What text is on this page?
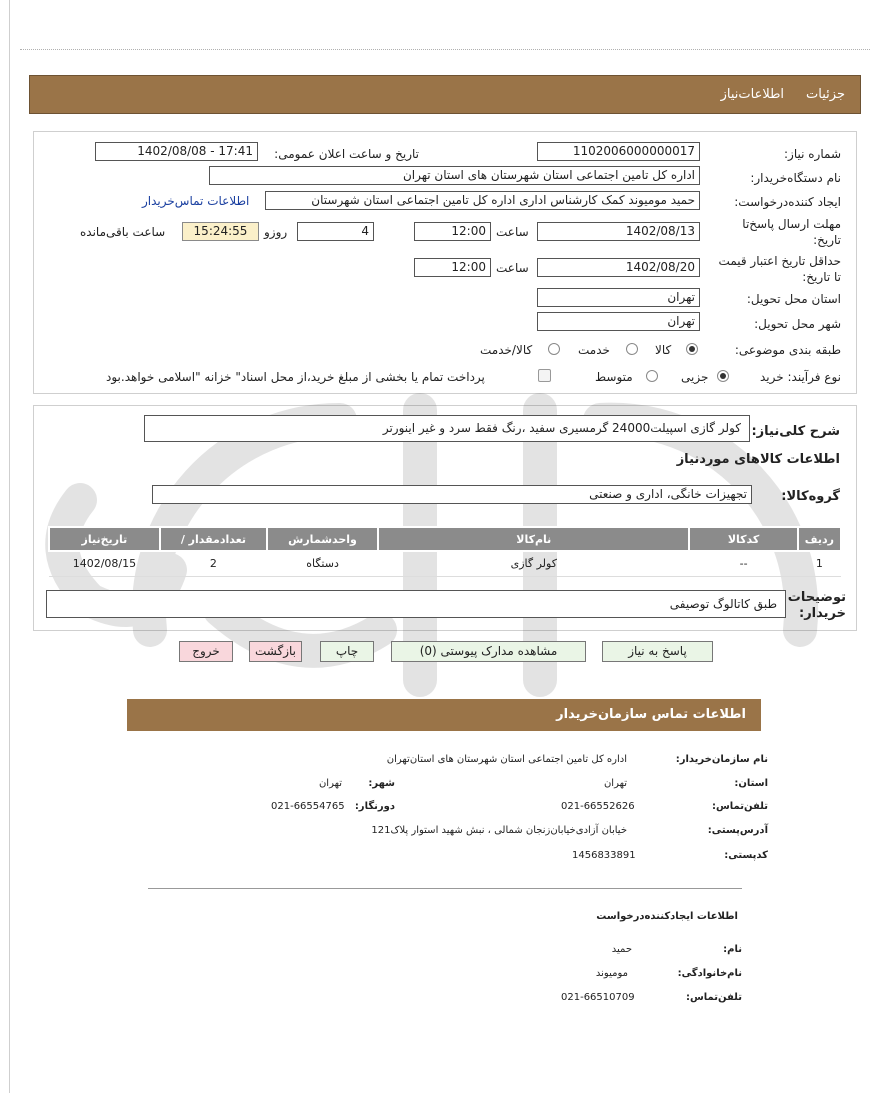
جزئیات
اطلاعات‌نیاز
شماره نیاز:
1102006000000017
تاریخ و ساعت اعلان عمومی:
1402/08/08 - 17:41
نام دستگاه‌خریدار:
اداره کل تامین اجتماعی استان شهرستان های استان تهران
ایجاد کننده‌درخواست:
حمید مومیوند کمک کارشناس اداری اداره کل تامین اجتماعی استان شهرستان
اطلاعات تماس‌خریدار
مهلت ارسال پاسخ‌تا
تاریخ:
1402/08/13
ساعت
12:00
4
روزو
15:24:55
ساعت باقی‌مانده
حداقل تاریخ اعتبار قیمت
تا تاریخ:
1402/08/20
ساعت
12:00
استان محل تحویل:
تهران
شهر محل تحویل:
تهران
طبقه بندی موضوعی:
کالا
خدمت
کالا/خدمت
نوع فرآیند: خرید
جزیی
متوسط
پرداخت تمام یا بخشی از مبلغ خرید،از محل اسناد" خزانه "اسلامی خواهد.بود
شرح کلی‌نیاز:
کولر گازی اسپیلت24000 گرمسیری سفید ،رنگ فقط سرد و غیر اینورتر
اطلاعات کالاهای موردنیاز
گروه‌کالا:
تجهیزات خانگی، اداری و صنعتی
ردیف	کدکالا	نام‌کالا	واحدشمارش	تعداد‌مقدار /	تاریخ‌نیاز
1	--	کولر گازی	دستگاه	2	1402/08/15
توضیحات
خریدار:
طبق کاتالوگ توصیفی
پاسخ به نیاز
مشاهده مدارک پیوستی (0)
چاپ
بازگشت
خروج
اطلاعات تماس سازمان‌خریدار
نام سازمان‌خریدار:
اداره کل تامین اجتماعی استان شهرستان های استان‌تهران
استان:
تهران
شهر:
تهران
تلفن‌تماس:
021-66552626
دورنگار:
021-66554765
آدرس‌پستی:
خیابان آزادی‌خیابان‌زنجان شمالی ، نبش شهید استوار پلاک121
کدپستی:
1456833891
اطلاعات ایجادکننده‌درخواست
نام:
حمید
نام‌خانوادگی:
مومیوند
تلفن‌تماس:
021-66510709
